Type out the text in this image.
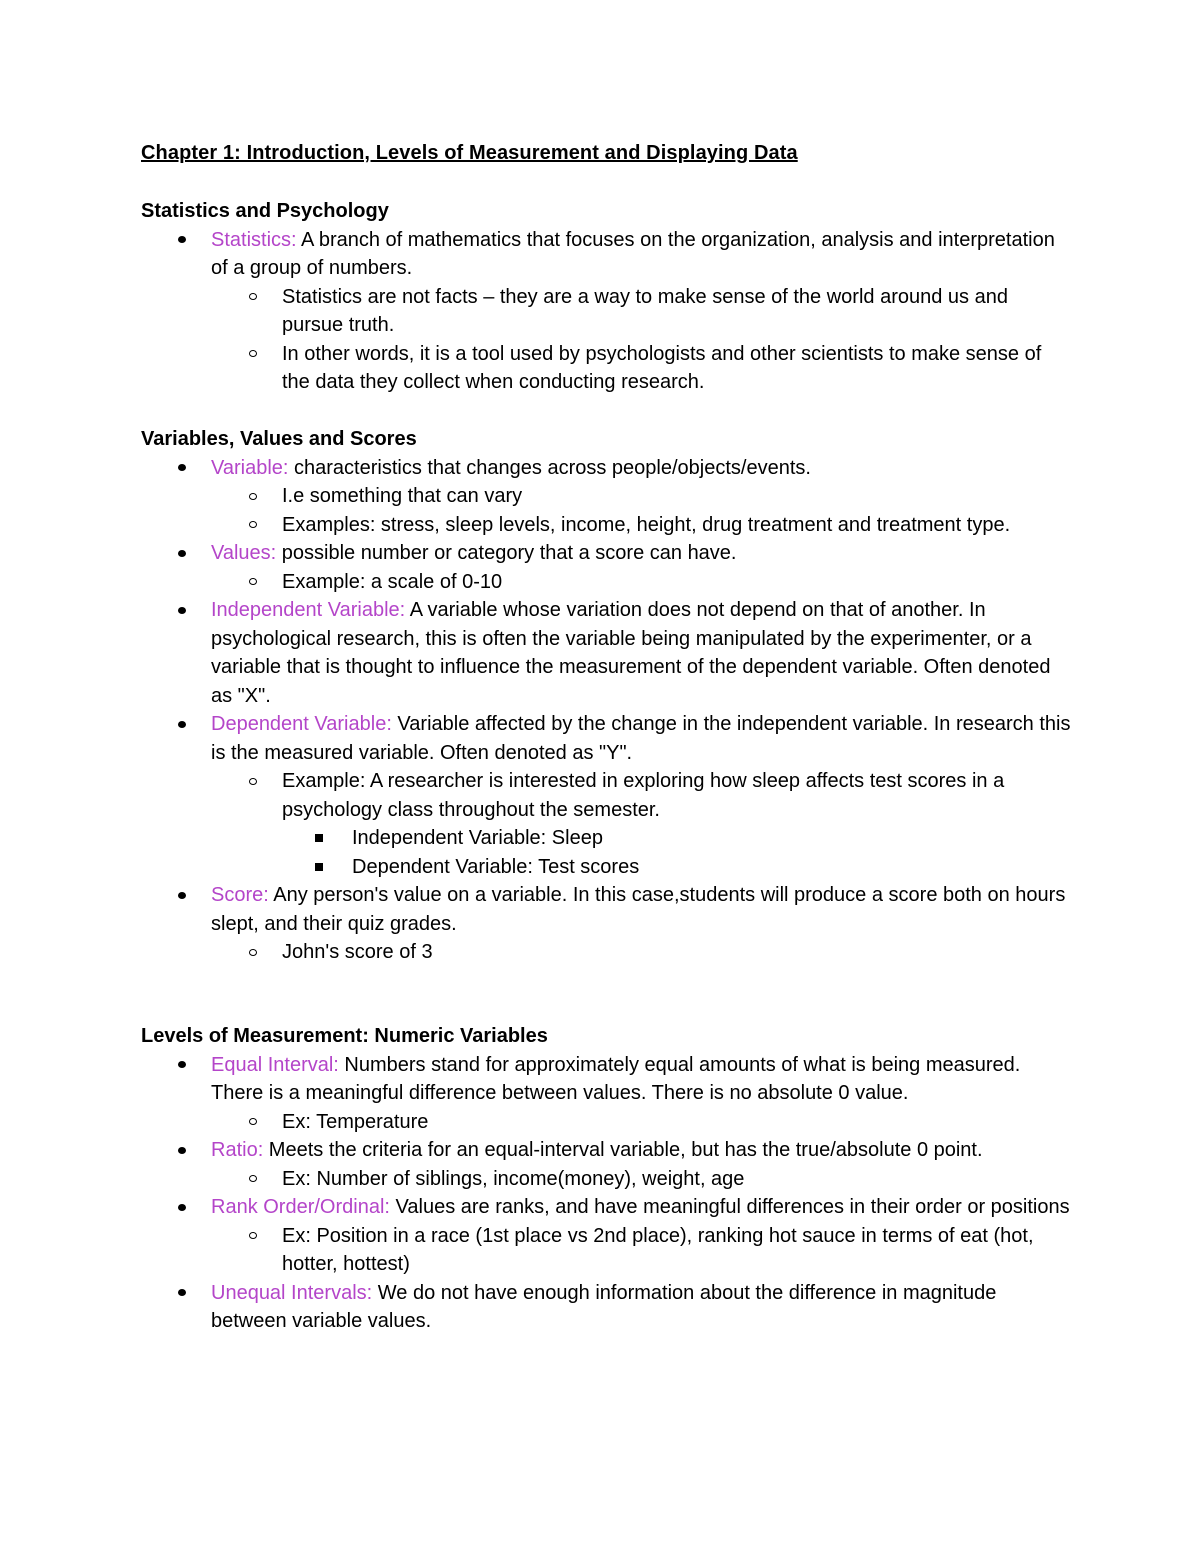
Chapter 1: Introduction, Levels of Measurement and Displaying Data
Statistics and Psychology
Statistics: A branch of mathematics that focuses on the organization, analysis and interpretation of a group of numbers.
Statistics are not facts – they are a way to make sense of the world around us and pursue truth.
In other words, it is a tool used by psychologists and other scientists to make sense of the data they collect when conducting research.
Variables, Values and Scores
Variable: characteristics that changes across people/objects/events.
I.e something that can vary
Examples: stress, sleep levels, income, height, drug treatment and treatment type.
Values: possible number or category that a score can have.
Example: a scale of 0-10
Independent Variable: A variable whose variation does not depend on that of another. In psychological research, this is often the variable being manipulated by the experimenter, or a variable that is thought to influence the measurement of the dependent variable. Often denoted as "X".
Dependent Variable: Variable affected by the change in the independent variable. In research this is the measured variable. Often denoted as "Y".
Example: A researcher is interested in exploring how sleep affects test scores in a psychology class throughout the semester.
Independent Variable: Sleep
Dependent Variable: Test scores
Score: Any person's value on a variable. In this case,students will produce a score both on hours slept, and their quiz grades.
John's score of 3
Levels of Measurement: Numeric Variables
Equal Interval: Numbers stand for approximately equal amounts of what is being measured. There is a meaningful difference between values. There is no absolute 0 value.
Ex: Temperature
Ratio: Meets the criteria for an equal-interval variable, but has the true/absolute 0 point.
Ex: Number of siblings, income(money), weight, age
Rank Order/Ordinal: Values are ranks, and have meaningful differences in their order or positions
Ex: Position in a race (1st place vs 2nd place), ranking hot sauce in terms of eat (hot, hotter, hottest)
Unequal Intervals: We do not have enough information about the difference in magnitude between variable values.
